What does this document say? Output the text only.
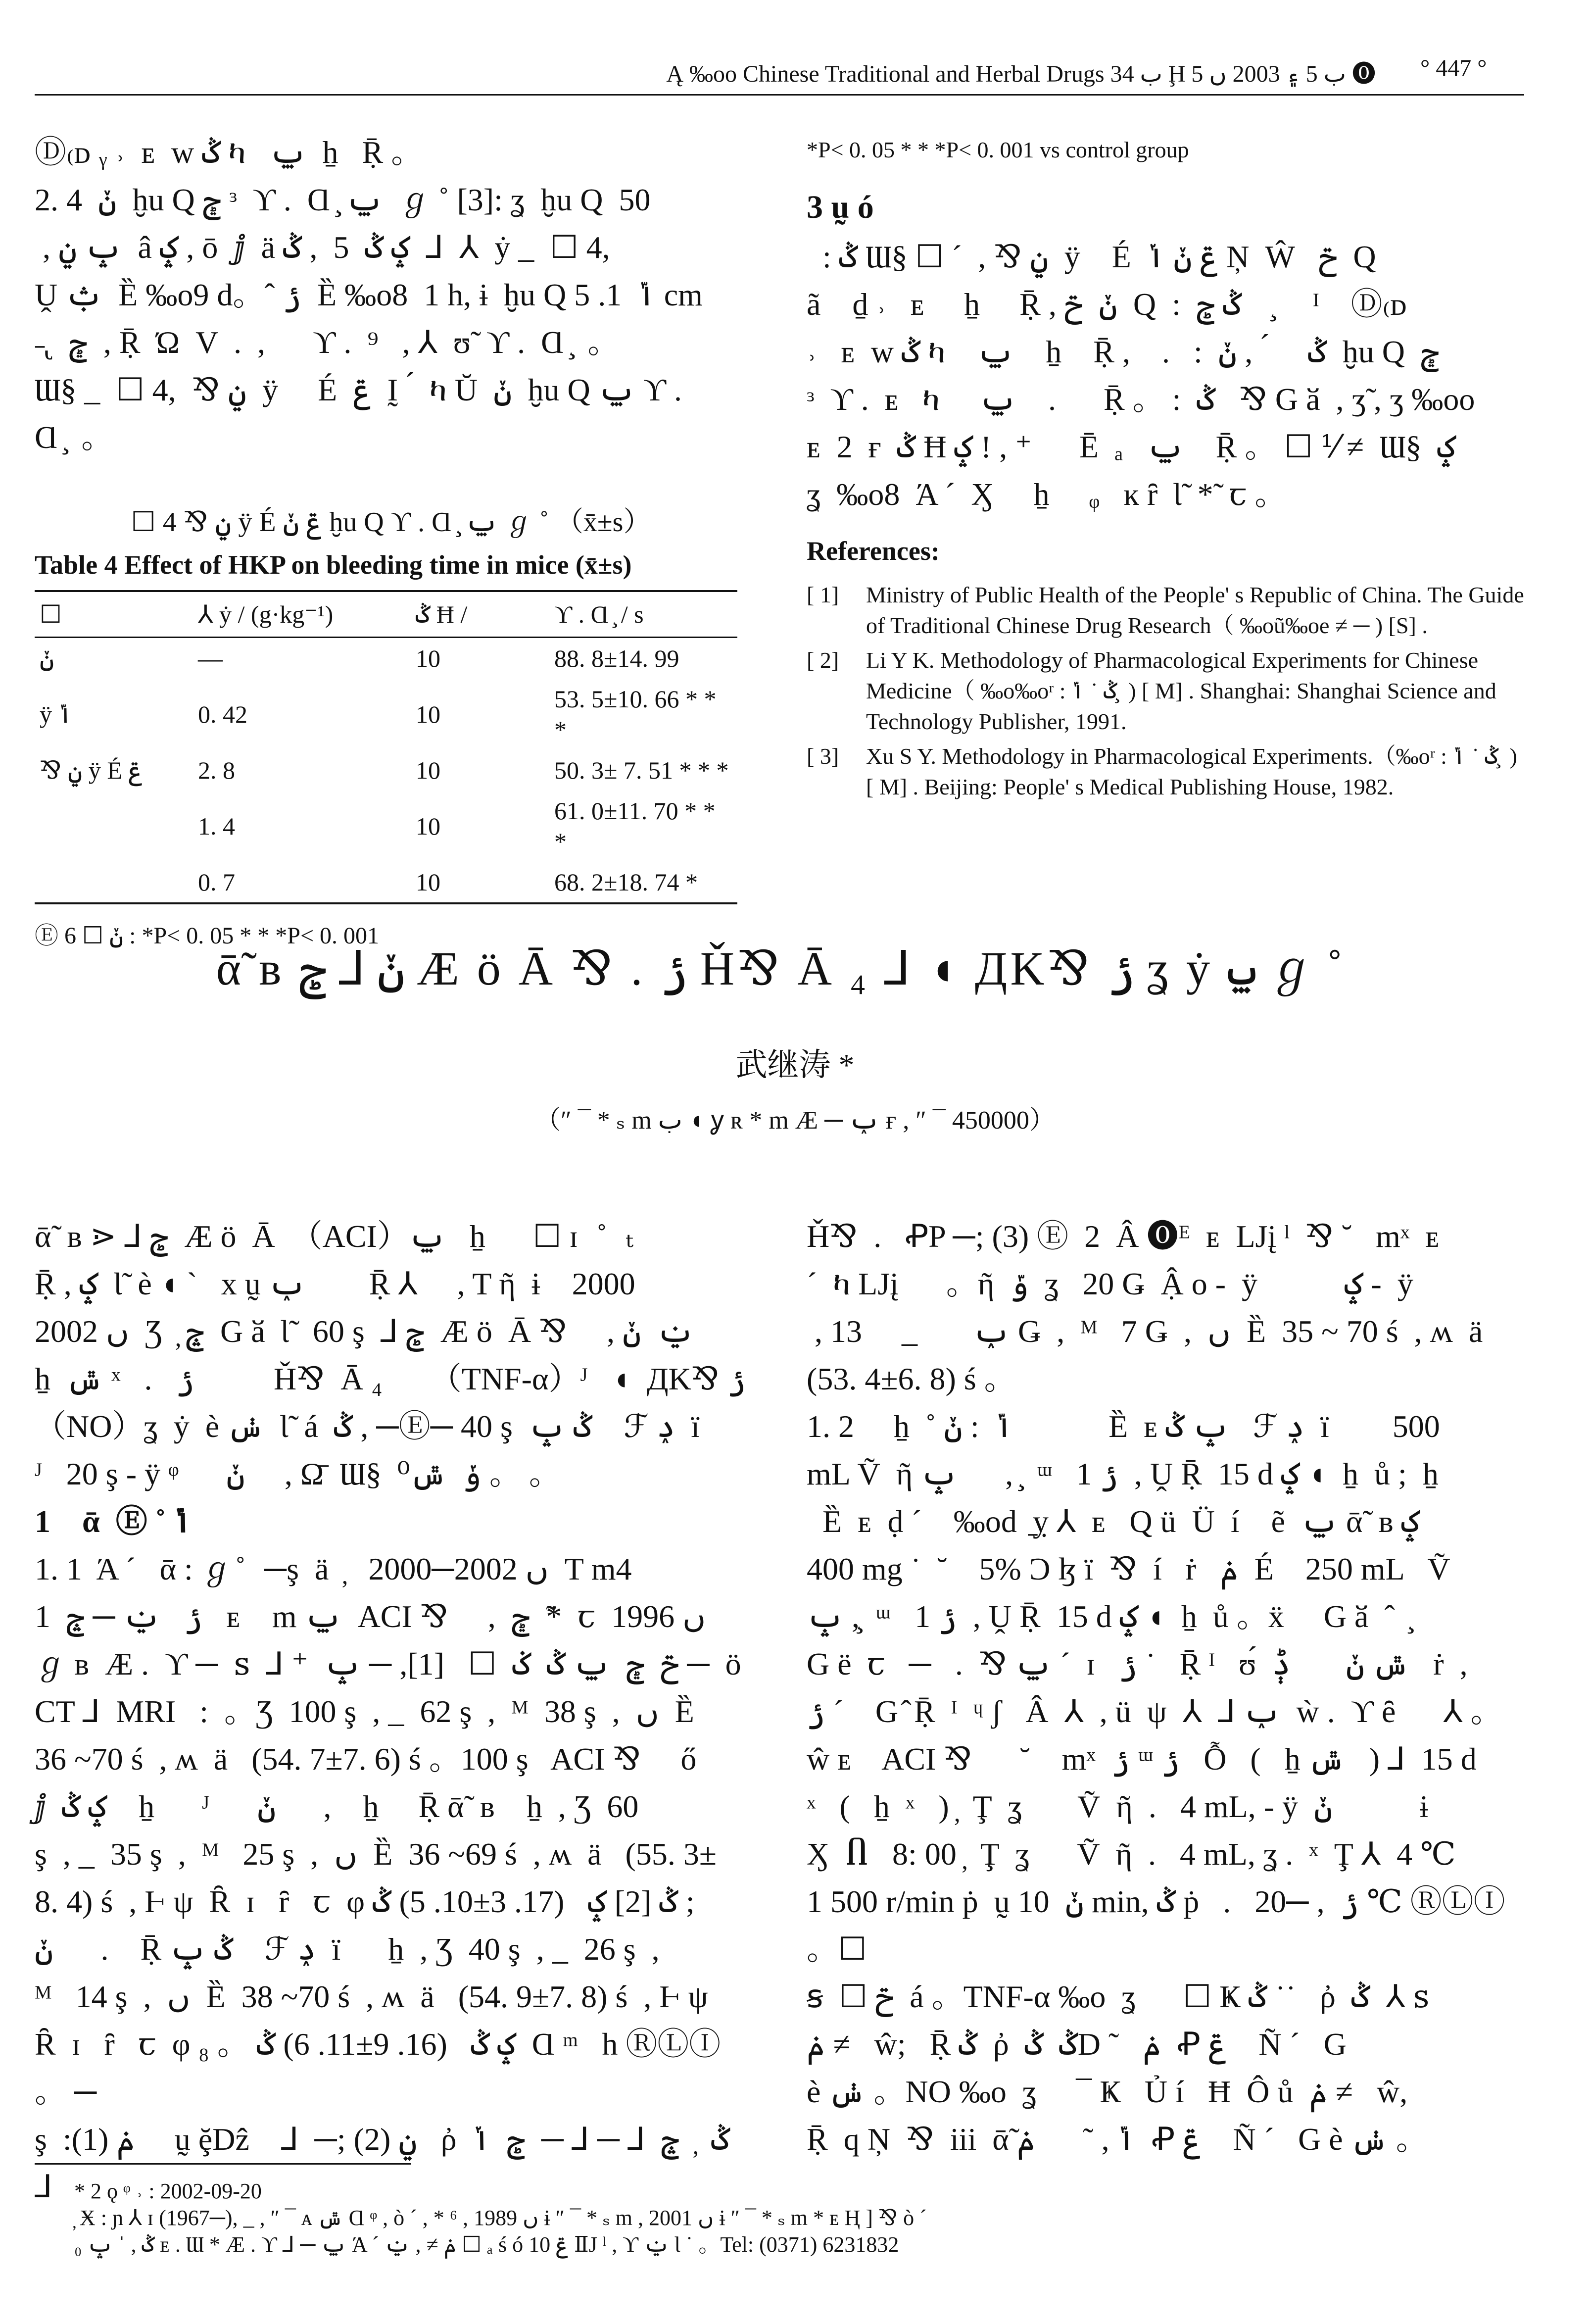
Ą ‰oo Chinese Traditional and Herbal Drugs ب 34 Ḩ ب 5 ۽ 2003 ں 5 ⓿ ° 447 °

Ⓓ₍ᴅ ᵧ ˒  ᴇ  w ݣ ካ   ݐ  ẖ   Ṝ 。

2. 4  ݩ  ḫu Q ݯ ᵌ  ϒ .  Ɑ ̧ ݐ  ℊ ˚ [3]: ʓ  ḫu Q  50

, ݒ ݧ  â ݤ , ō  ⅉ  ä ݤ ݣ  5  , ݣ  ⅃  ⅄  ẏ _  ☐ 4,

Ṷ ݑ  Ȅ ‰o9 d。ˆ ݬ  Ȅ ‰o8  1 h, ɨ  ḫu Q ݴ  1. 5 cm

˗ ̢  ݯ  , Ṝ  Ώ  V  .  ,      ϒ .  ⁹   , ⅄  ʊ̃  ϒ .  Ɑ ̧  。

Ɯ§ _  ☐ 4,  ⅋ ݧ  ÿ     É  ݝ  Ḭ  ́  ካ Ŭ  ݩ  ḫu Q ݐ ϒ .

Ɑ ̧  。

☐ 4 ⅋ ݧ ÿ É ݝ ݩ ḫu Q ϒ . Ɑ ̧ ݐ ℊ ˚ （x̄±s）
Table 4 Effect of HKP on bleeding time in mice (x̄±s)
☐	⅄ ẏ / (g·kg⁻¹)	ݣ Ħ /	ϒ . Ɑ ̧ / s
ݩ	—	10	88. 8±14. 99
ÿ ݴ	0. 42	10	53. 5±10. 66 * * *
⅋ ݧ ÿ É ݝ	2. 8	10	50. 3± 7. 51 * * *
	1. 4	10	61. 0±11. 70 * * *
	0. 7	10	68. 2±18. 74 *
Ⓔ ݩ ☐ 6 : *P< 0. 05 * * *P< 0. 001
*P< 0. 05 * * *P< 0. 001 vs control group
3 ṵ ó

: ݣ Ɯ§ ☐ ˊ  , ⅋ ݧ  ÿ    É  ݝ ݩ ݳ Ņ  Ŵ   ݗ  Q

ã    ḏ ˒   ᴇ     ẖ     Ṝ , ݩ  ݗ  Q  :  ݣ ݮ     ̧    ᴵ    Ⓓ₍ᴅ

˒   ᴇ  w ݣ ካ    ݐ    ẖ    Ṝ ,    .   :  ݣ     ́  , ݩ  ḫu Q  ݯ

ᵌ  ϒ .  ᴇ   ካ     ݐ    .      Ṝ 。 :  ݣ   ⅋ G ӑ  , ӡ̃ , ӡ ‰oo

ᴇ  2  ғ  ݣ Ħ ݤ ! , ⁺      Ē  ₐ   ݐ    Ṝ 。 ☐ ⅟ ≠  Ɯ§  ݤ

ʓ  ‰o8  Ά ˊ  Ӽ     ẖ     ᵩ   ĸ ȓ  Ɩ̃  *̃  ꞇ 。

References:
[ 1]	Ministry of Public Health of the People' s Republic of China. The Guide of Traditional Chinese Drug Research（ ‰oũ‰oe ≠ ─ ) [S] .
[ 2]	Li Y K. Methodology of Pharmacological Experiments for Chinese Medicine（ ‰o‰oʳ : ݣ ˙ ݴ ̧ ) [ M] . Shanghai: Shanghai Science and Technology Publisher, 1991.
[ 3]	Xu S Y. Methodology in Pharmacological Experiments.（‰oʳ : ݣ ˙ ݴ ̧ ) [ M] . Beijing: People' s Medical Publishing House, 1982.
ᾱ̃ ʙ ݩ ⅃ ݮ Æ ö Ā ⅋ . ݬ Ȟ⅋ Ā ₄ ⅃ ◖ ДK⅋ ݬ ʓ ẏ ݐ ℊ ˚
武继涛 *
（″ ¯ * ₛ m ب ◖ ỿ ʀ * m Æ ─ ݕ ғ , ″ ¯ 450000）

ᾱ̃  ʙ ⋗ ⅃ ݮ  Æ ö  Ā  （ACI）ݐ   ẖ      ☐ ɪ   ̊   ₜ

Ṝ , ݤ  Ɩ̃  è ◖ ˋ   x ṵ ݕ        Ṝ ⅄     , T ῆ  ɨ    2000

2002 ں  Ʒ  ̦ ݘ  G ӑ  Ɩ̃   60 ş  ⅃ ݮ  Æ ö  Ā ⅋     , ݔ  ݩ

ẖ  ݜ ˣ   .   ݬ          Ȟ⅋  Ā ₄      （TNF-α）ᴶ   ◖  ДK⅋ ݬ

（NO）ʓ  ẏ  è ݭ  Ɩ̃  á  ݣ , ─Ⓔ─ 40 ş  ݣ ݒ    ℱ ݚ  ï

ᴶ   20 ş - ÿ ᵠ      ݩ     , Ω̄  Ɯ§  ݸ  ݜ⁰ 。 。

1    ᾱ  Ⓔ ˚ ݴ

1. 1  Ά ˊ   ᾱ : ℊ ̊   ─ş  ä  ̦   2000─2002 ں  T m4

ݬ   ݔ ─ ݘ  1   ᴇ    m ݐ  ACI ⅋     ,  ݯ  *̃  ꞇ  1996 ں

ℊ ʙ  Æ .  ϒ ─  ꜱ  ⅃ ⁺  ݗ  ݯ  ݐ ݣ  ݢ  ☐   [1], ─ ݒ ─  ö

CT ⅃  MRI   :  。Ʒ  100 ş  , _  62 ş  ,  ᴹ  38 ş  ,  ں  Ȅ

36 ~70 ś  , ʍ  ä   (54. 7±7. 6) ś 。100 ş   ACI ⅋     ő

ⅉ  ݤ ݣ    ẖ      ᴶ      ݩ      ,    ẖ     Ṝ ᾱ̃  ʙ    ẖ  , Ʒ  60

ş  , _  35 ş  ,  ᴹ   25 ş  ,  ں  Ȅ  36 ~69 ś  , ʍ  ä   (55. 3±

8. 4) ś  , Ⱶ ψ  Ȓ  ɪ   ȓ   ꞇ  φ ݣ [2] ݤ   (17. 3±10. 5) ݣ ;

ݩ      .    Ṝ ݣ ݒ    ℱ ݚ  ï      ẖ  , Ʒ  40 ş  , _  26 ş  ,

ᴹ   14 ş  ,  ں  Ȅ  38 ~70 ś  , ʍ  ä   (54. 9±7. 8) ś  , Ⱶ ψ

Ȓ  ɪ   ȓ   ꞇ  φ ݤ ݣ   (16. 9±11. 6) ݣ 。 ₈  Ɑ ᵐ   h ⓇⓁⒾ 。 ─

ş  :(1) ݥ     ṵ ḝDẑ    ⅃  ─; (2) ݧ   ῤ  ݣ  ̦  ݘ  ⅃ ─ ⅃ ─  ݮ  ݳ  ⅃

Ȟ⅋  .   ꝒP ─; (3) Ⓔ  2  Â ⓿ᴱ  ᴇ  LJį ˡ  ⅋ ˘   mˣ  ᴇ

ˊ  ካ LJį      。ῆ  ݹ  ʓ   20 Ǥ  Ậ o -  ÿ           ݤ -  ÿ

, ݕ       _     13 Ǥ  ,  ᴹ   7 Ǥ  ,  ں  Ȅ  35 ~ 70 ś  , ʍ  ä

(53. 4±6. 8) ś 。

1. 2     ẖ  ˚ ݴ  : ݩ            Ȅ  ᴇ ݒ ݣ   ℱ ݚ  ï        500

mL Ṽ  ῆ ݒ      ,  ̧ ᵚ   1 ݬ  , Ṷ Ṝ  15 d ݤ ◖  ẖ  ů ;  ẖ

Ȅ  ᴇ  ḍ ˊ    ‰od  ̱ỵ ⅄  ᴇ   Q ü  Ü  í    ẽ  ݐ ᾱ̃  ʙ ݤ

400 mg ˙  ˘    5% Ɔ ɮ ï  ⅋  í   ṙ   ݥ  É    250 mL   Ṽ

ݒ , ̧ ᵚ   1 ݬ  , Ṷ Ṝ  15 d ݤ ◖  ẖ  ů 。ẍ     G ӑ  ˆ  ̧

G ë  ꞇ   ─   .  ⅋ ݐ ˊ  ɪ   ݬ ˙   Ṝ ᴵ   ʊ́  ݜ ݩ       ݙ   ṙ  ,

ݬ ˊ    G ̂ Ṝ  ᴵ  ᶣ ʃ   Â  ⅄  , ü  ψ  ⅄  ⅃ ݕ  ẁ .  ϒ ȇ      ⅄ 。

ŵ ᴇ    ACI ⅋      ˘    mˣ  ݬ ᵚ ݬ   Ỗ   (   ẖ ݜ   ) ⅃  15 d

ˣ   (   ẖ  ˣ   ) ̦  Ţ  ʓ       Ṽ  ῆ  .   4 mL, - ÿ  ݩ           ɨ

Ӽ  Ⴖ   8: 00 ̦  Ţ  ʓ      Ṽ  ῆ  .   4 mL, ʓ .  ˣ  Ţ ⅄  4 ℃

1 500 r/min ṗ  ṵ ݩ  10 min, ݣ ṗ   .   ݬ  , ─20 ℃ ⓇⓁⒾ 。☐

ꞩ  ☐ ݗ  á 。TNF-α ‰o  ʓ      ☐ Ҝ ݣ ˙˙   ῤ  ݣ  ⅄ ꜱ

ݥ ≠   ŵ;   Ṝ ݣ  ῤ  ݣ  ݣD ˜   ݥ  Ꝓ ݝ    Ñ ˊ   G

è ݭ 。NO ‰o  ʓ     ¯ Ҝ   Ủ í   Ħ  Ô ů  ݥ ≠   ŵ,

Ṝ  q Ņ  ⅋  iii  ᾱ̃ ݴ , ˜      ݥ  Ꝓ ݝ    Ñ ˊ   G è ݭ 。

* 2 ǫ ᵠ ˒ : 2002-09-20

̦ Ӿ : ɲ ⅄ ɪ (1967─), _ , ″ ¯ ᴀ ݜ Ɑ ᵠ , ò ˊ , * ⁶ , 1989 ں ɨ ″ ¯ * ₛ m , 2001 ں ɨ ″ ¯ * ₛ m * ᴇ Ⱨ ] ⅋ ò ˊ

₀ ݣ , ˈ ݒ ᴇ . Ɯ * Æ . ϒ ⅃ ─ ݐ Ά ˊ ݥ ≠ , ݔ ☐ ₐ ś ó ݝ 10 ⅡJ ˡ , ϒ ݔ Ɩ ˙ 。Tel: (0371) 6231832
